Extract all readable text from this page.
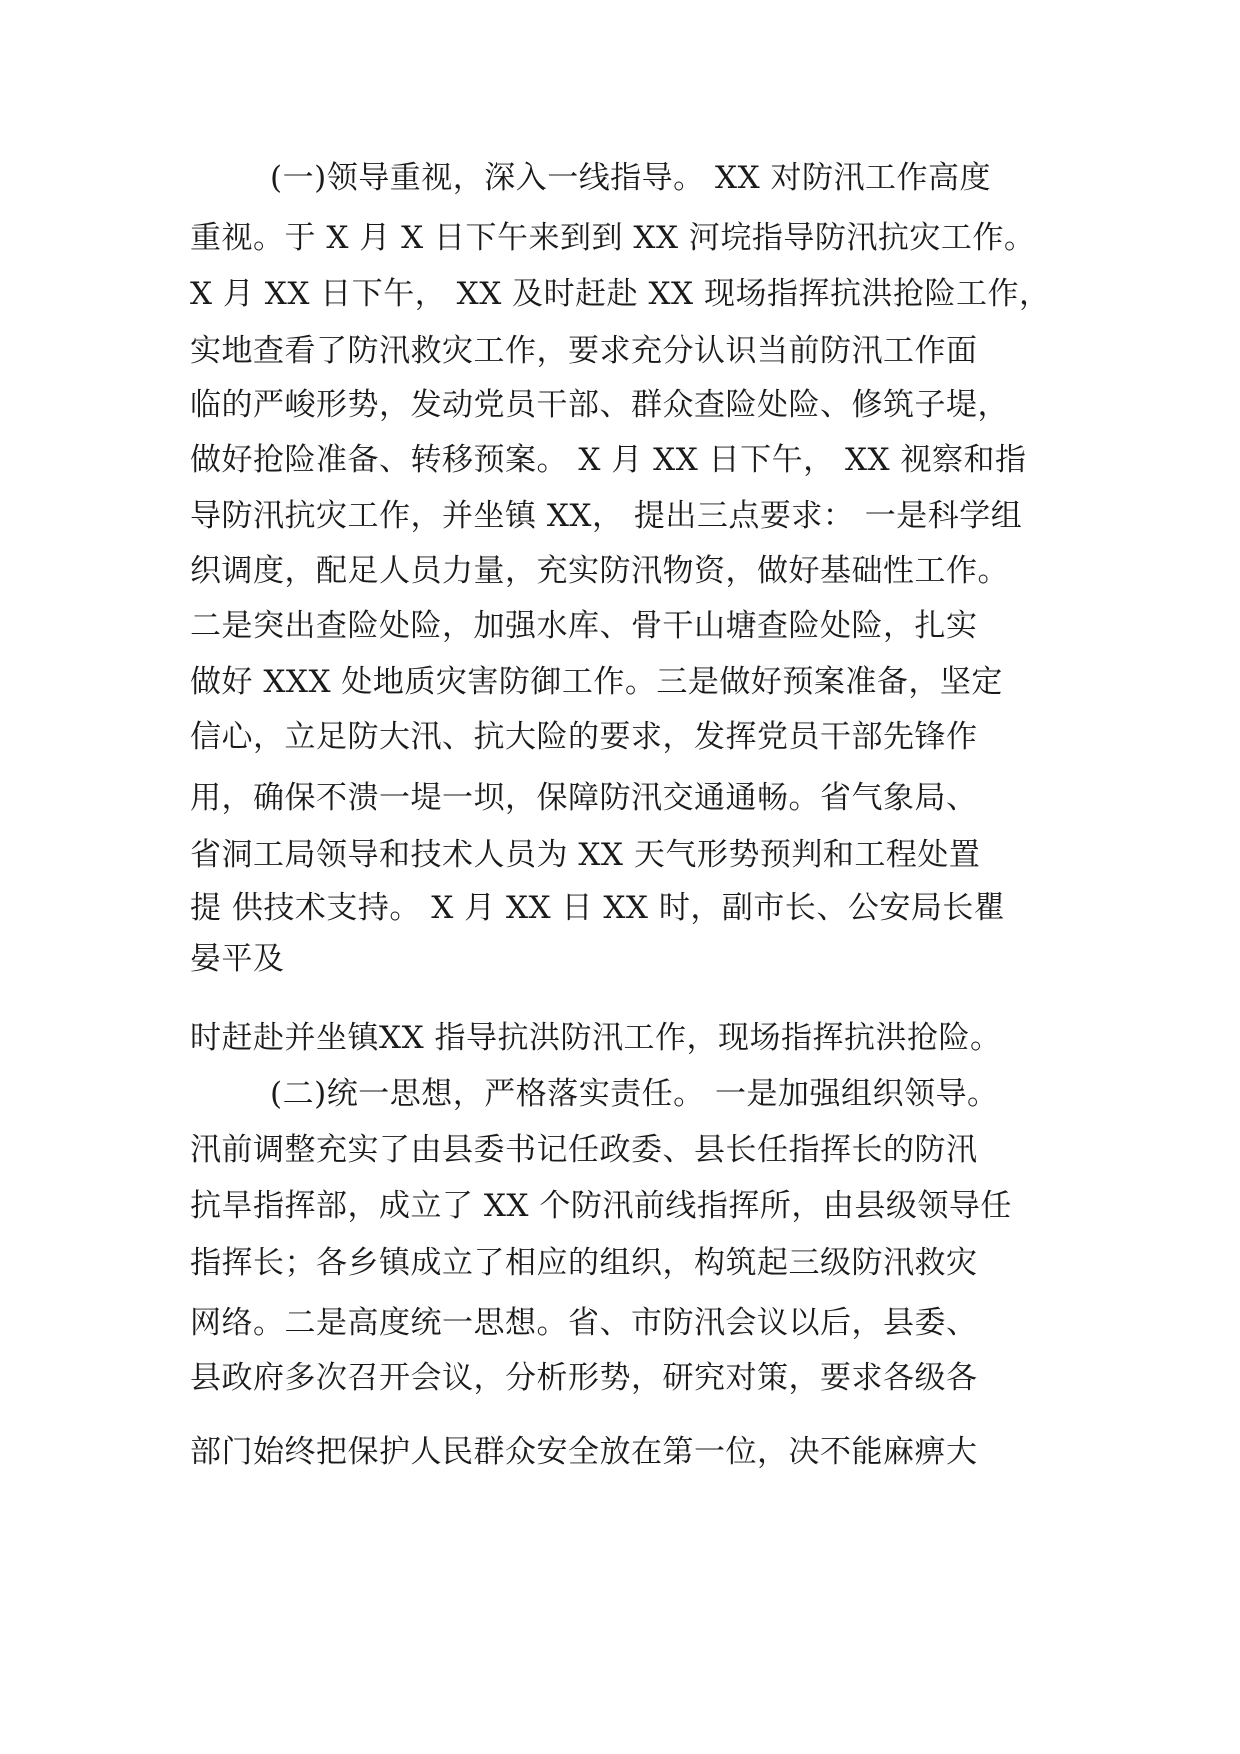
(一)领导重视，深入一线指导。 XX 对防汛工作高度
重视。于 X 月 X 日下午来到到 XX 河垸指导防汛抗灾工作。
X 月 XX 日下午， XX 及时赶赴 XX 现场指挥抗洪抢险工作，
实地查看了防汛救灾工作，要求充分认识当前防汛工作面
临的严峻形势，发动党员干部、群众查险处险、修筑子堤，
做好抢险准备、转移预案。 X 月 XX 日下午， XX 视察和指
导防汛抗灾工作，并坐镇 XX， 提出三点要求： 一是科学组
织调度，配足人员力量，充实防汛物资，做好基础性工作。
二是突出查险处险，加强水库、骨干山塘查险处险，扎实
做好 XXX 处地质灾害防御工作。三是做好预案准备，坚定
信心，立足防大汛、抗大险的要求，发挥党员干部先锋作
用，确保不溃一堤一坝，保障防汛交通通畅。省气象局、
省洞工局领导和技术人员为 XX 天气形势预判和工程处置
提 供技术支持。 X 月 XX 日 XX 时，副市长、公安局长瞿
晏平及
时赶赴并坐镇XX 指导抗洪防汛工作，现场指挥抗洪抢险。
(二)统一思想，严格落实责任。 一是加强组织领导。
汛前调整充实了由县委书记任政委、县长任指挥长的防汛
抗旱指挥部，成立了 XX 个防汛前线指挥所，由县级领导任
指挥长；各乡镇成立了相应的组织，构筑起三级防汛救灾
网络。二是高度统一思想。省、市防汛会议以后，县委、
县政府多次召开会议，分析形势，研究对策，要求各级各
部门始终把保护人民群众安全放在第一位，决不能麻痹大
